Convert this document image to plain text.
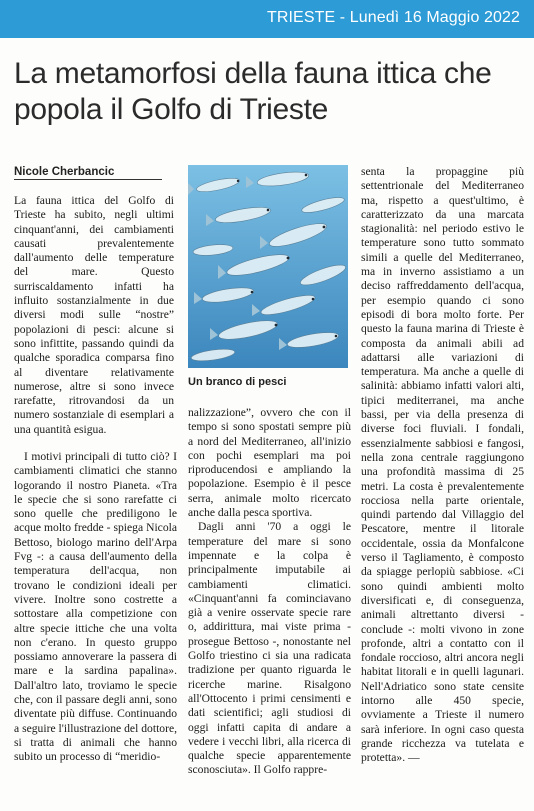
TRIESTE - Lunedì 16 Maggio 2022
La metamorfosi della fauna ittica che popola il Golfo di Trieste
Nicole Cherbancic

La fauna ittica del Golfo di Trieste ha subito, negli ultimi cinquant'anni, dei cambiamenti causati prevalentemente dall'aumento delle temperature del mare. Questo surriscaldamento infatti ha influito sostanzialmente in due diversi modi sulle “nostre” popolazioni di pesci: alcune si sono infittite, passando quindi da qualche sporadica comparsa fino al diventare relativamente numerose, altre si sono invece rarefatte, ritrovandosi da un numero sostanziale di esemplari a una quantità esigua.

I motivi principali di tutto ciò? I cambiamenti climatici che stanno logorando il nostro Pianeta. «Tra le specie che si sono rarefatte ci sono quelle che prediligono le acque molto fredde - spiega Nicola Bettoso, biologo marino dell'Arpa Fvg -: a causa dell'aumento della temperatura dell'acqua, non trovano le condizioni ideali per vivere. Inoltre sono costrette a sottostare alla competizione con altre specie ittiche che una volta non c'erano. In questo gruppo possiamo annoverare la passera di mare e la sardina papalina». Dall'altro lato, troviamo le specie che, con il passare degli anni, sono diventate più diffuse. Continuando a seguire l'illustrazione del dottore, si tratta di animali che hanno subito un processo di “meridio-

Un branco di pesci

nalizzazione”, ovvero che con il tempo si sono spostati sempre più a nord del Mediterraneo, all'inizio con pochi esemplari ma poi riproducendosi e ampliando la popolazione. Esempio è il pesce serra, animale molto ricercato anche dalla pesca sportiva.

Dagli anni '70 a oggi le temperature del mare si sono impennate e la colpa è principalmente imputabile ai cambiamenti climatici. «Cinquant'anni fa cominciavano già a venire osservate specie rare o, addirittura, mai viste prima - prosegue Bettoso -, nonostante nel Golfo triestino ci sia una radicata tradizione per quanto riguarda le ricerche marine. Risalgono all'Ottocento i primi censimenti e dati scientifici; agli studiosi di oggi infatti capita di andare a vedere i vecchi libri, alla ricerca di qualche specie apparentemente sconosciuta». Il Golfo rappre-

senta la propaggine più settentrionale del Mediterraneo ma, rispetto a quest'ultimo, è caratterizzato da una marcata stagionalità: nel periodo estivo le temperature sono tutto sommato simili a quelle del Mediterraneo, ma in inverno assistiamo a un deciso raffreddamento dell'acqua, per esempio quando ci sono episodi di bora molto forte. Per questo la fauna marina di Trieste è composta da animali abili ad adattarsi alle variazioni di temperatura. Ma anche a quelle di salinità: abbiamo infatti valori alti, tipici mediterranei, ma anche bassi, per via della presenza di diverse foci fluviali. I fondali, essenzialmente sabbiosi e fangosi, nella zona centrale raggiungono una profondità massima di 25 metri. La costa è prevalentemente rocciosa nella parte orientale, quindi partendo dal Villaggio del Pescatore, mentre il litorale occidentale, ossia da Monfalcone verso il Tagliamento, è composto da spiagge perlopiù sabbiose. «Ci sono quindi ambienti molto diversificati e, di conseguenza, animali altrettanto diversi - conclude -: molti vivono in zone profonde, altri a contatto con il fondale roccioso, altri ancora negli habitat litorali e in quelli lagunari. Nell'Adriatico sono state censite intorno alle 450 specie, ovviamente a Trieste il numero sarà inferiore. In ogni caso questa grande ricchezza va tutelata e protetta». —
